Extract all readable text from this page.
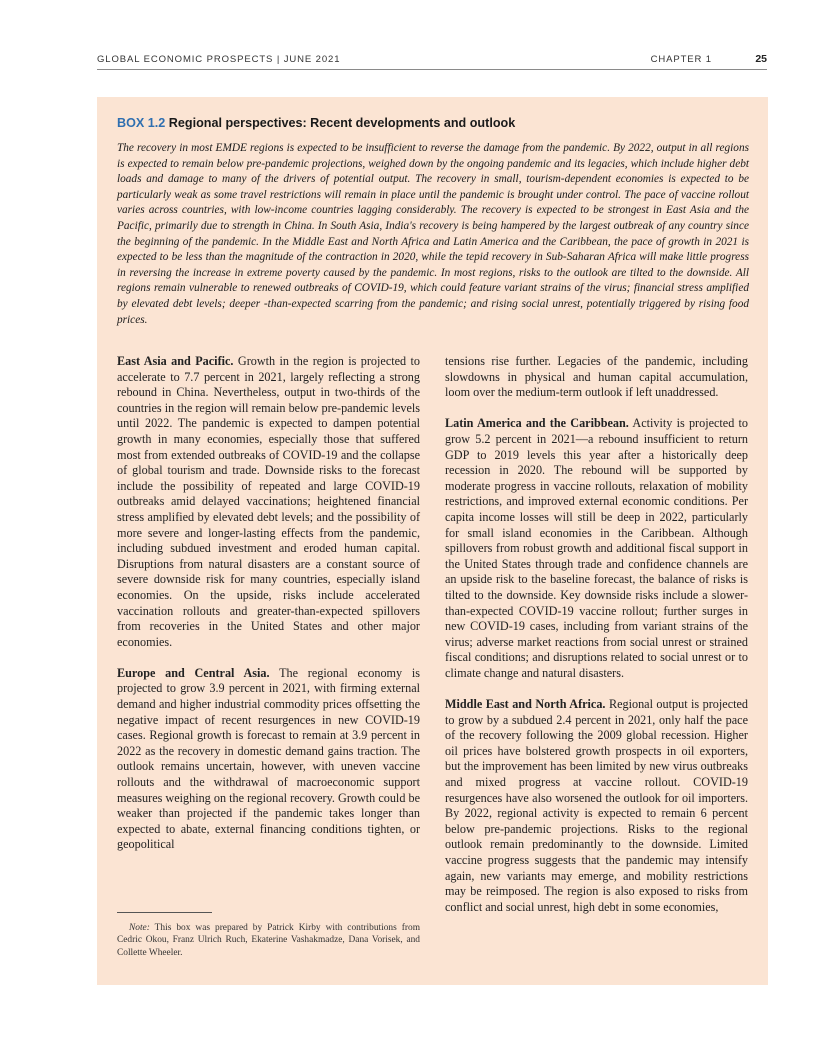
GLOBAL ECONOMIC PROSPECTS | JUNE 2021	CHAPTER 1	25
BOX 1.2 Regional perspectives: Recent developments and outlook

The recovery in most EMDE regions is expected to be insufficient to reverse the damage from the pandemic. By 2022, output in all regions is expected to remain below pre-pandemic projections, weighed down by the ongoing pandemic and its legacies, which include higher debt loads and damage to many of the drivers of potential output. The recovery in small, tourism-dependent economies is expected to be particularly weak as some travel restrictions will remain in place until the pandemic is brought under control. The pace of vaccine rollout varies across countries, with low-income countries lagging considerably. The recovery is expected to be strongest in East Asia and the Pacific, primarily due to strength in China. In South Asia, India's recovery is being hampered by the largest outbreak of any country since the beginning of the pandemic. In the Middle East and North Africa and Latin America and the Caribbean, the pace of growth in 2021 is expected to be less than the magnitude of the contraction in 2020, while the tepid recovery in Sub-Saharan Africa will make little progress in reversing the increase in extreme poverty caused by the pandemic. In most regions, risks to the outlook are tilted to the downside. All regions remain vulnerable to renewed outbreaks of COVID-19, which could feature variant strains of the virus; financial stress amplified by elevated debt levels; deeper -than-expected scarring from the pandemic; and rising social unrest, potentially triggered by rising food prices.

East Asia and Pacific. Growth in the region is projected to accelerate to 7.7 percent in 2021, largely reflecting a strong rebound in China. Nevertheless, output in two-thirds of the countries in the region will remain below pre-pandemic levels until 2022. The pandemic is expected to dampen potential growth in many economies, especially those that suffered most from extended outbreaks of COVID-19 and the collapse of global tourism and trade. Downside risks to the forecast include the possibility of repeated and large COVID-19 outbreaks amid delayed vaccinations; heightened financial stress amplified by elevated debt levels; and the possibility of more severe and longer-lasting effects from the pandemic, including subdued investment and eroded human capital. Disruptions from natural disasters are a constant source of severe downside risk for many countries, especially island economies. On the upside, risks include accelerated vaccination rollouts and greater-than-expected spillovers from recoveries in the United States and other major economies.

Europe and Central Asia. The regional economy is projected to grow 3.9 percent in 2021, with firming external demand and higher industrial commodity prices offsetting the negative impact of recent resurgences in new COVID-19 cases. Regional growth is forecast to remain at 3.9 percent in 2022 as the recovery in domestic demand gains traction. The outlook remains uncertain, however, with uneven vaccine rollouts and the withdrawal of macroeconomic support measures weighing on the regional recovery. Growth could be weaker than projected if the pandemic takes longer than expected to abate, external financing conditions tighten, or geopolitical

tensions rise further. Legacies of the pandemic, including slowdowns in physical and human capital accumulation, loom over the medium-term outlook if left unaddressed.

Latin America and the Caribbean. Activity is projected to grow 5.2 percent in 2021—a rebound insufficient to return GDP to 2019 levels this year after a historically deep recession in 2020. The rebound will be supported by moderate progress in vaccine rollouts, relaxation of mobility restrictions, and improved external economic conditions. Per capita income losses will still be deep in 2022, particularly for small island economies in the Caribbean. Although spillovers from robust growth and additional fiscal support in the United States through trade and confidence channels are an upside risk to the baseline forecast, the balance of risks is tilted to the downside. Key downside risks include a slower-than-expected COVID-19 vaccine rollout; further surges in new COVID-19 cases, including from variant strains of the virus; adverse market reactions from social unrest or strained fiscal conditions; and disruptions related to social unrest or to climate change and natural disasters.

Middle East and North Africa. Regional output is projected to grow by a subdued 2.4 percent in 2021, only half the pace of the recovery following the 2009 global recession. Higher oil prices have bolstered growth prospects in oil exporters, but the improvement has been limited by new virus outbreaks and mixed progress at vaccine rollout. COVID-19 resurgences have also worsened the outlook for oil importers. By 2022, regional activity is expected to remain 6 percent below pre-pandemic projections. Risks to the regional outlook remain predominantly to the downside. Limited vaccine progress suggests that the pandemic may intensify again, new variants may emerge, and mobility restrictions may be reimposed. The region is also exposed to risks from conflict and social unrest, high debt in some economies,

Note: This box was prepared by Patrick Kirby with contributions from Cedric Okou, Franz Ulrich Ruch, Ekaterine Vashakmadze, Dana Vorisek, and Collette Wheeler.
